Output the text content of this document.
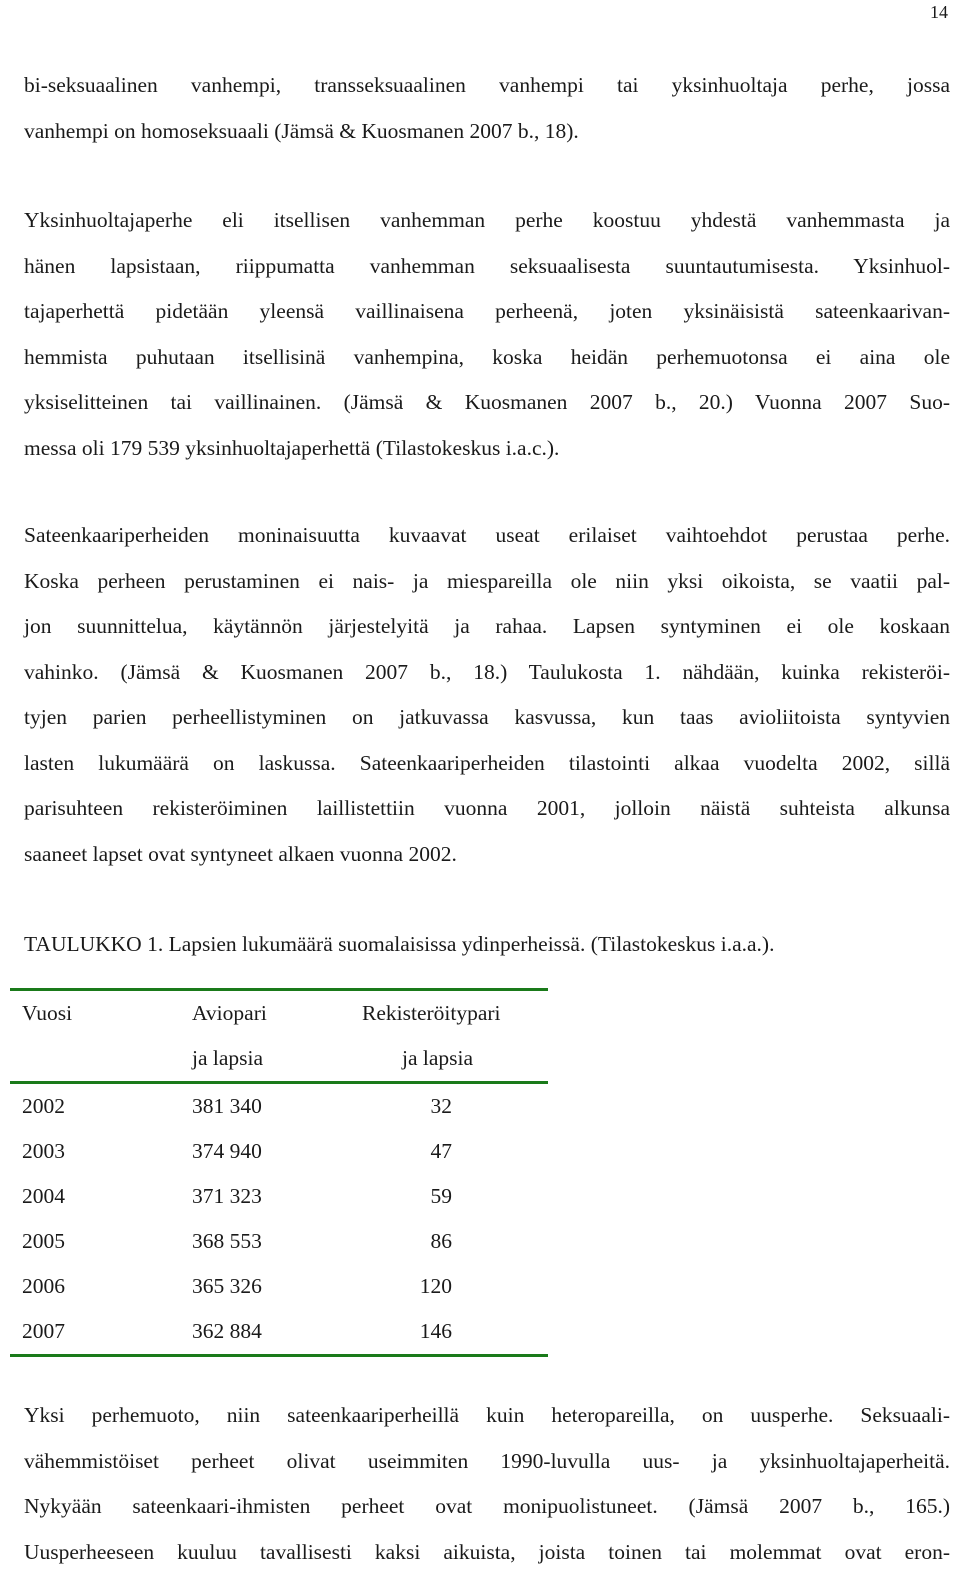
14
bi-seksuaalinen vanhempi, transseksuaalinen vanhempi tai yksinhuoltaja perhe, jossa
vanhempi on homoseksuaali (Jämsä & Kuosmanen 2007 b., 18).
Yksinhuoltajaperhe eli itsellisen vanhemman perhe koostuu yhdestä vanhemmasta ja
hänen lapsistaan, riippumatta vanhemman seksuaalisesta suuntautumisesta. Yksinhuol-
tajaperhettä pidetään yleensä vaillinaisena perheenä, joten yksinäisistä sateenkaarivan-
hemmista puhutaan itsellisinä vanhempina, koska heidän perhemuotonsa ei aina ole
yksiselitteinen tai vaillinainen. (Jämsä & Kuosmanen 2007 b., 20.) Vuonna 2007 Suo-
messa oli 179 539 yksinhuoltajaperhettä (Tilastokeskus i.a.c.).
Sateenkaariperheiden moninaisuutta kuvaavat useat erilaiset vaihtoehdot perustaa perhe.
Koska perheen perustaminen ei nais- ja miespareilla ole niin yksi oikoista, se vaatii pal-
jon suunnittelua, käytännön järjestelyitä ja rahaa. Lapsen syntyminen ei ole koskaan
vahinko. (Jämsä & Kuosmanen 2007 b., 18.) Taulukosta 1. nähdään, kuinka rekisteröi-
tyjen parien perheellistyminen on jatkuvassa kasvussa, kun taas avioliitoista syntyvien
lasten lukumäärä on laskussa. Sateenkaariperheiden tilastointi alkaa vuodelta 2002, sillä
parisuhteen rekisteröiminen laillistettiin vuonna 2001, jolloin näistä suhteista alkunsa
saaneet lapset ovat syntyneet alkaen vuonna 2002.
TAULUKKO 1. Lapsien lukumäärä suomalaisissa ydinperheissä. (Tilastokeskus i.a.a.).
Vuosi	Aviopari	Rekisteröitypari
	ja lapsia	ja lapsia
2002	381 340	32
2003	374 940	47
2004	371 323	59
2005	368 553	86
2006	365 326	120
2007	362 884	146
Yksi perhemuoto, niin sateenkaariperheillä kuin heteropareilla, on uusperhe. Seksuaali-
vähemmistöiset perheet olivat useimmiten 1990-luvulla uus- ja yksinhuoltajaperheitä.
Nykyään sateenkaari-ihmisten perheet ovat monipuolistuneet. (Jämsä 2007 b., 165.)
Uusperheeseen kuuluu tavallisesti kaksi aikuista, joista toinen tai molemmat ovat eron-
